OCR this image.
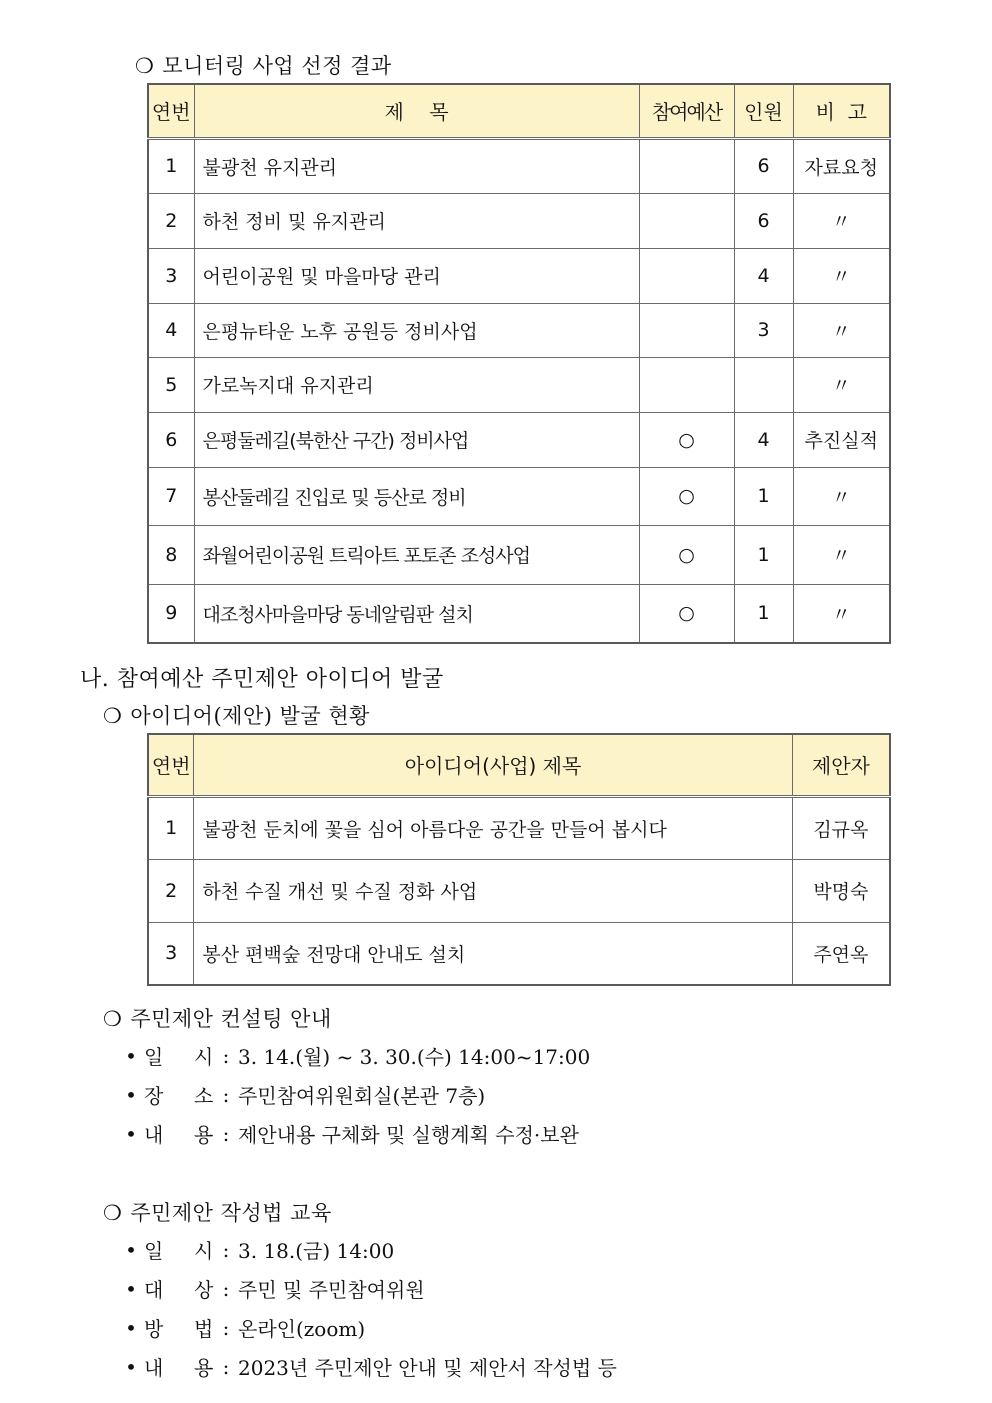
❍ 모니터링 사업 선정 결과
연번	제    목	참여예산	인원	비  고
1	불광천 유지관리		6	자료요청
2	하천 정비 및 유지관리		6	〃
3	어린이공원 및 마을마당 관리		4	〃
4	은평뉴타운 노후 공원등 정비사업		3	〃
5	가로녹지대 유지관리			〃
6	은평둘레길(북한산 구간) 정비사업	○	4	추진실적
7	봉산둘레길 진입로 및 등산로 정비	○	1	〃
8	좌월어린이공원 트릭아트 포토존 조성사업	○	1	〃
9	대조청사마을마당 동네알림판 설치	○	1	〃
나. 참여예산 주민제안 아이디어 발굴
❍ 아이디어(제안) 발굴 현황
연번	아이디어(사업) 제목	제안자
1	불광천 둔치에 꽃을 심어 아름다운 공간을 만들어 봅시다	김규옥
2	하천 수질 개선 및 수질 정화 사업	박명숙
3	봉산 편백숲 전망대 안내도 설치	주연옥
❍ 주민제안 컨설팅 안내
• 일	시 : 3. 14.(월) ~ 3. 30.(수) 14:00~17:00
• 장	소 : 주민참여위원회실(본관 7층)
• 내	용 : 제안내용 구체화 및 실행계획 수정·보완
❍ 주민제안 작성법 교육
• 일	시 : 3. 18.(금) 14:00
• 대	상 : 주민 및 주민참여위원
• 방	법 : 온라인(zoom)
• 내	용 : 2023년 주민제안 안내 및 제안서 작성법 등
